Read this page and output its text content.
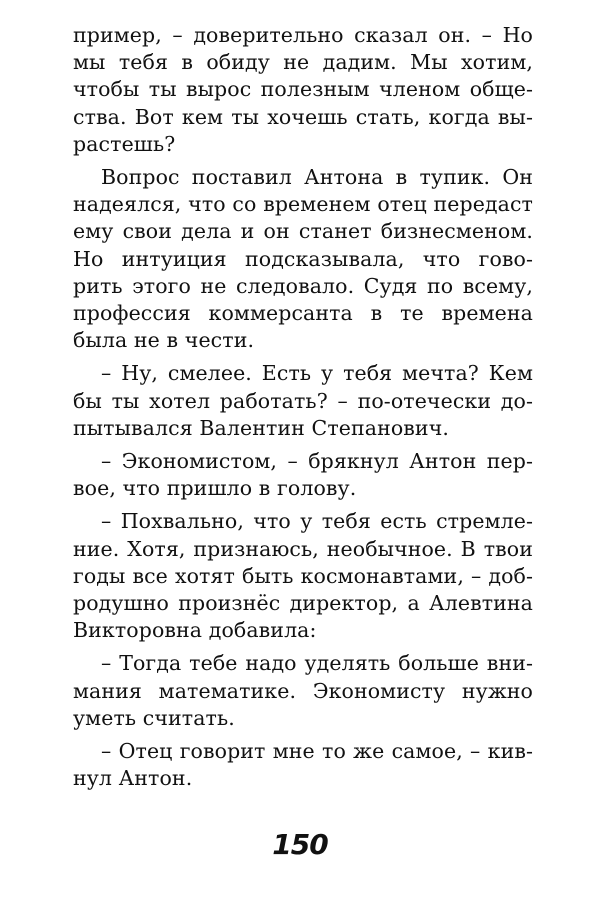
пример, – доверительно сказал он. – Но
мы тебя в обиду не дадим. Мы хотим,
чтобы ты вырос полезным членом обще-
ства. Вот кем ты хочешь стать, когда вы-
растешь?

Вопрос поставил Антона в тупик. Он
надеялся, что со временем отец передаст
ему свои дела и он станет бизнесменом.
Но интуиция подсказывала, что гово-
рить этого не следовало. Судя по всему,
профессия коммерсанта в те времена
была не в чести.

– Ну, смелее. Есть у тебя мечта? Кем
бы ты хотел работать? – по-отечески до-
пытывался Валентин Степанович.

– Экономистом, – брякнул Антон пер-
вое, что пришло в голову.

– Похвально, что у тебя есть стремле-
ние. Хотя, признаюсь, необычное. В твои
годы все хотят быть космонавтами, – доб-
родушно произнёс директор, а Алевтина
Викторовна добавила:

– Тогда тебе надо уделять больше вни-
мания математике. Экономисту нужно
уметь считать.

– Отец говорит мне то же самое, – кив-
нул Антон.

150
